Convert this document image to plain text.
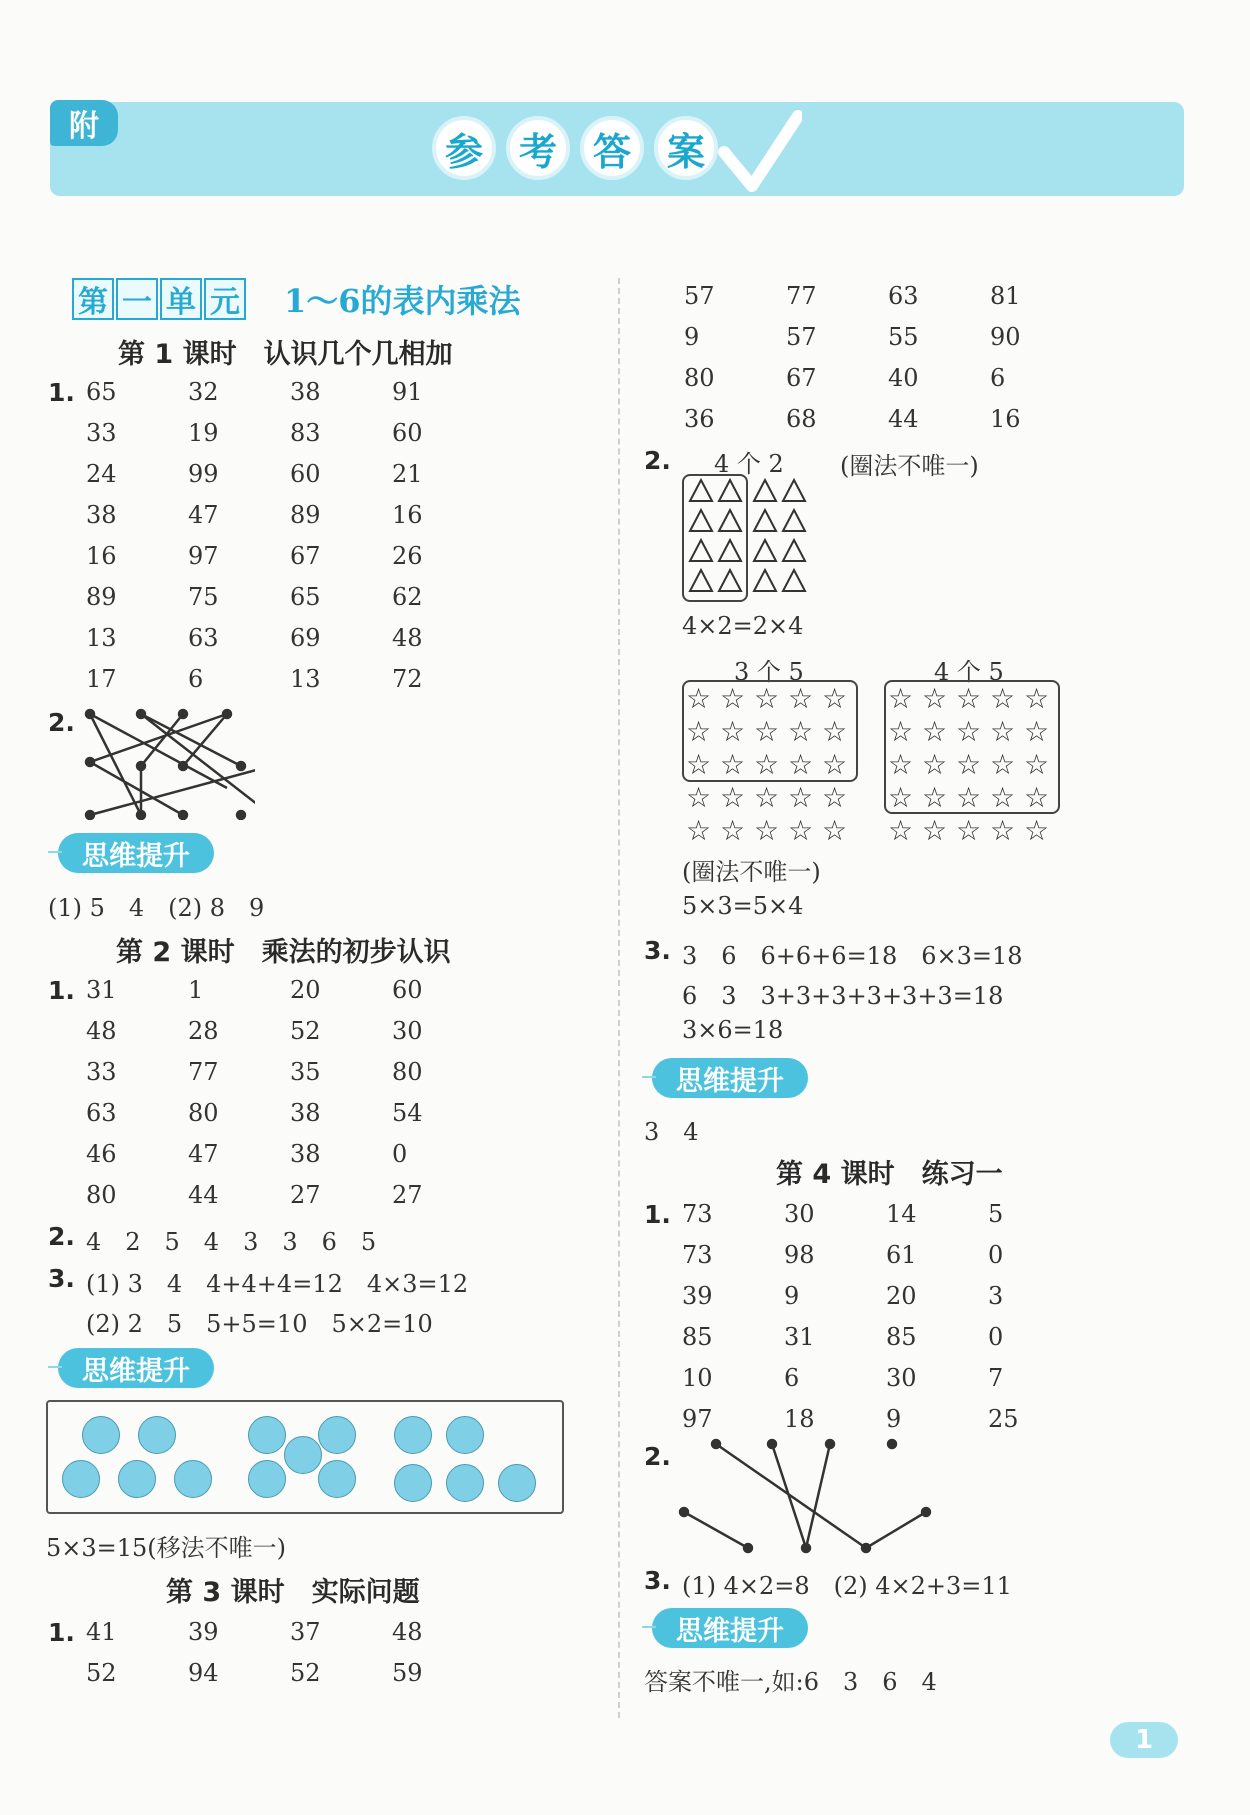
附
参 考 答 案
第 一 单 元 1～6的表内乘法
第 1 课时　认识几个几相加
1. 65	32	38	91
33	19	83	60
24	99	60	21
38	47	89	16
16	97	67	26
89	75	65	62
13	63	69	48
17	6	13	72
2.
思维提升
(1) 5　4　(2) 8　9
第 2 课时　乘法的初步认识
1. 31	1	20	60
48	28	52	30
33	77	35	80
63	80	38	54
46	47	38	0
80	44	27	27
2. 4　2　5　4　3　3　6　5
3. (1) 3　4　4+4+4=12　4×3=12
(2) 2　5　5+5=10　5×2=10
思维提升
5×3=15(移法不唯一)
第 3 课时　实际问题
1. 41	39	37	48
52	94	52	59
57	77	63	81
9	57	55	90
80	67	40	6
36	68	44	16
2. 4 个 2 (圈法不唯一)
4×2=2×4
3 个 5	4 个 5
☆ ☆ ☆ ☆ ☆
☆ ☆ ☆ ☆ ☆
☆ ☆ ☆ ☆ ☆
☆ ☆ ☆ ☆ ☆
☆ ☆ ☆ ☆ ☆
☆ ☆ ☆ ☆ ☆
☆ ☆ ☆ ☆ ☆
☆ ☆ ☆ ☆ ☆
☆ ☆ ☆ ☆ ☆
☆ ☆ ☆ ☆ ☆
(圈法不唯一)
5×3=5×4
3. 3　6　6+6+6=18　6×3=18
6　3　3+3+3+3+3+3=18
3×6=18
思维提升
3　4
第 4 课时　练习一
1. 73	30	14	5
73	98	61	0
39	9	20	3
85	31	85	0
10	6	30	7
97	18	9	25
2.
3. (1) 4×2=8　(2) 4×2+3=11
思维提升
答案不唯一,如:6　3　6　4
1
